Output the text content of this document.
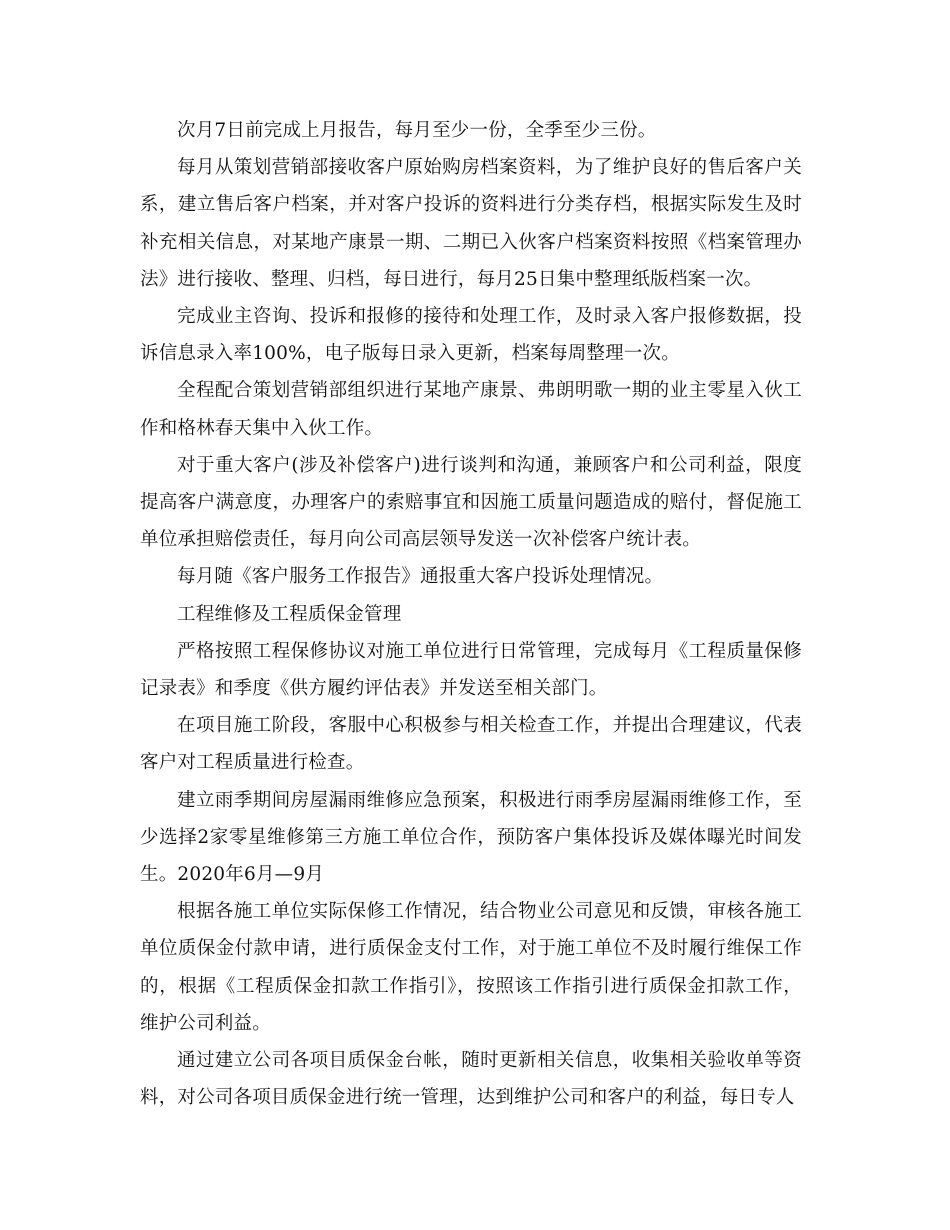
次月7日前完成上月报告，每月至少一份，全季至少三份。

每月从策划营销部接收客户原始购房档案资料，为了维护良好的售后客户关系，建立售后客户档案，并对客户投诉的资料进行分类存档，根据实际发生及时补充相关信息，对某地产康景一期、二期已入伙客户档案资料按照《档案管理办法》进行接收、整理、归档，每日进行，每月25日集中整理纸版档案一次。

完成业主咨询、投诉和报修的接待和处理工作，及时录入客户报修数据，投诉信息录入率100%，电子版每日录入更新，档案每周整理一次。

全程配合策划营销部组织进行某地产康景、弗朗明歌一期的业主零星入伙工作和格林春天集中入伙工作。

对于重大客户(涉及补偿客户)进行谈判和沟通，兼顾客户和公司利益，限度提高客户满意度，办理客户的索赔事宜和因施工质量问题造成的赔付，督促施工单位承担赔偿责任，每月向公司高层领导发送一次补偿客户统计表。

每月随《客户服务工作报告》通报重大客户投诉处理情况。

工程维修及工程质保金管理

严格按照工程保修协议对施工单位进行日常管理，完成每月《工程质量保修记录表》和季度《供方履约评估表》并发送至相关部门。

在项目施工阶段，客服中心积极参与相关检查工作，并提出合理建议，代表客户对工程质量进行检查。

建立雨季期间房屋漏雨维修应急预案，积极进行雨季房屋漏雨维修工作，至少选择2家零星维修第三方施工单位合作，预防客户集体投诉及媒体曝光时间发生。2020年6月—9月

根据各施工单位实际保修工作情况，结合物业公司意见和反馈，审核各施工单位质保金付款申请，进行质保金支付工作，对于施工单位不及时履行维保工作的，根据《工程质保金扣款工作指引》，按照该工作指引进行质保金扣款工作，维护公司利益。

通过建立公司各项目质保金台帐，随时更新相关信息，收集相关验收单等资料，对公司各项目质保金进行统一管理，达到维护公司和客户的利益，每日专人
